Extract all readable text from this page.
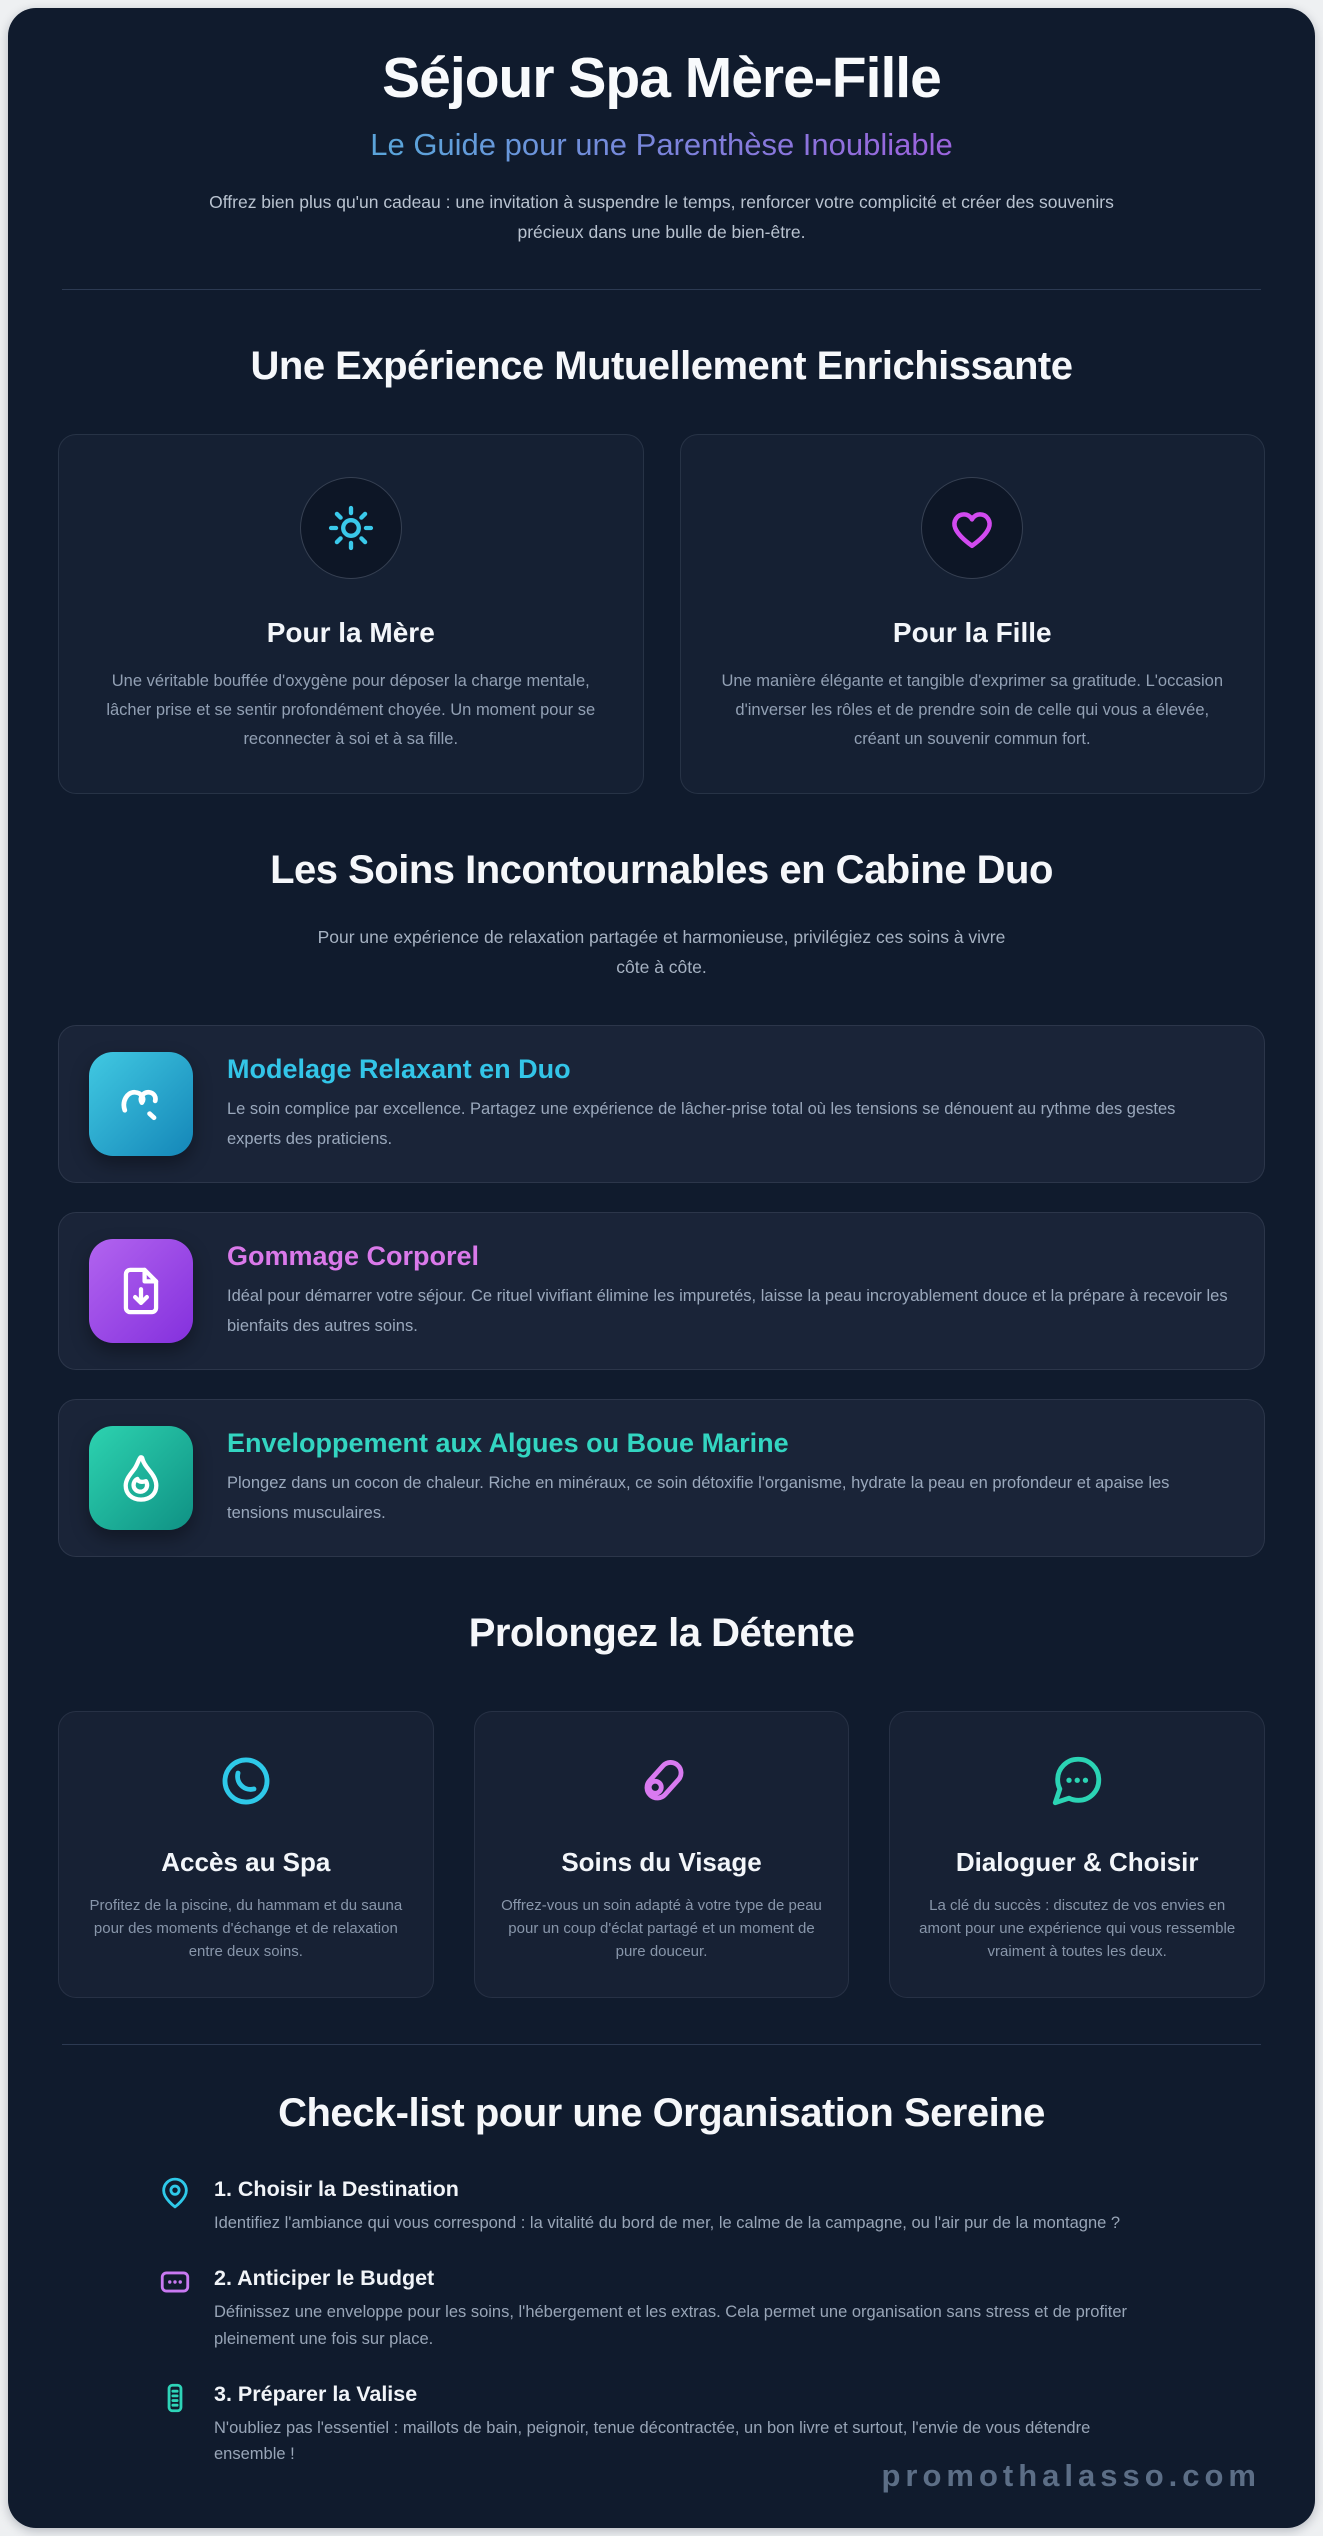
Séjour Spa Mère-Fille
Le Guide pour une Parenthèse Inoubliable

Offrez bien plus qu'un cadeau : une invitation à suspendre le temps, renforcer votre complicité et créer des souvenirs précieux dans une bulle de bien-être.

Une Expérience Mutuellement Enrichissante
Pour la Mère

Une véritable bouffée d'oxygène pour déposer la charge mentale, lâcher prise et se sentir profondément choyée. Un moment pour se reconnecter à soi et à sa fille.

Pour la Fille

Une manière élégante et tangible d'exprimer sa gratitude. L'occasion d'inverser les rôles et de prendre soin de celle qui vous a élevée, créant un souvenir commun fort.

Les Soins Incontournables en Cabine Duo

Pour une expérience de relaxation partagée et harmonieuse, privilégiez ces soins à vivre côte à côte.

Modelage Relaxant en Duo

Le soin complice par excellence. Partagez une expérience de lâcher-prise total où les tensions se dénouent au rythme des gestes experts des praticiens.

Gommage Corporel

Idéal pour démarrer votre séjour. Ce rituel vivifiant élimine les impuretés, laisse la peau incroyablement douce et la prépare à recevoir les bienfaits des autres soins.

Enveloppement aux Algues ou Boue Marine

Plongez dans un cocon de chaleur. Riche en minéraux, ce soin détoxifie l'organisme, hydrate la peau en profondeur et apaise les tensions musculaires.

Prolongez la Détente
Accès au Spa

Profitez de la piscine, du hammam et du sauna pour des moments d'échange et de relaxation entre deux soins.

Soins du Visage

Offrez-vous un soin adapté à votre type de peau pour un coup d'éclat partagé et un moment de pure douceur.

Dialoguer & Choisir

La clé du succès : discutez de vos envies en amont pour une expérience qui vous ressemble vraiment à toutes les deux.

Check-list pour une Organisation Sereine
1. Choisir la Destination

Identifiez l'ambiance qui vous correspond : la vitalité du bord de mer, le calme de la campagne, ou l'air pur de la montagne ?

2. Anticiper le Budget

Définissez une enveloppe pour les soins, l'hébergement et les extras. Cela permet une organisation sans stress et de profiter pleinement une fois sur place.

3. Préparer la Valise

N'oubliez pas l'essentiel : maillots de bain, peignoir, tenue décontractée, un bon livre et surtout, l'envie de vous détendre ensemble !

promothalasso.com
